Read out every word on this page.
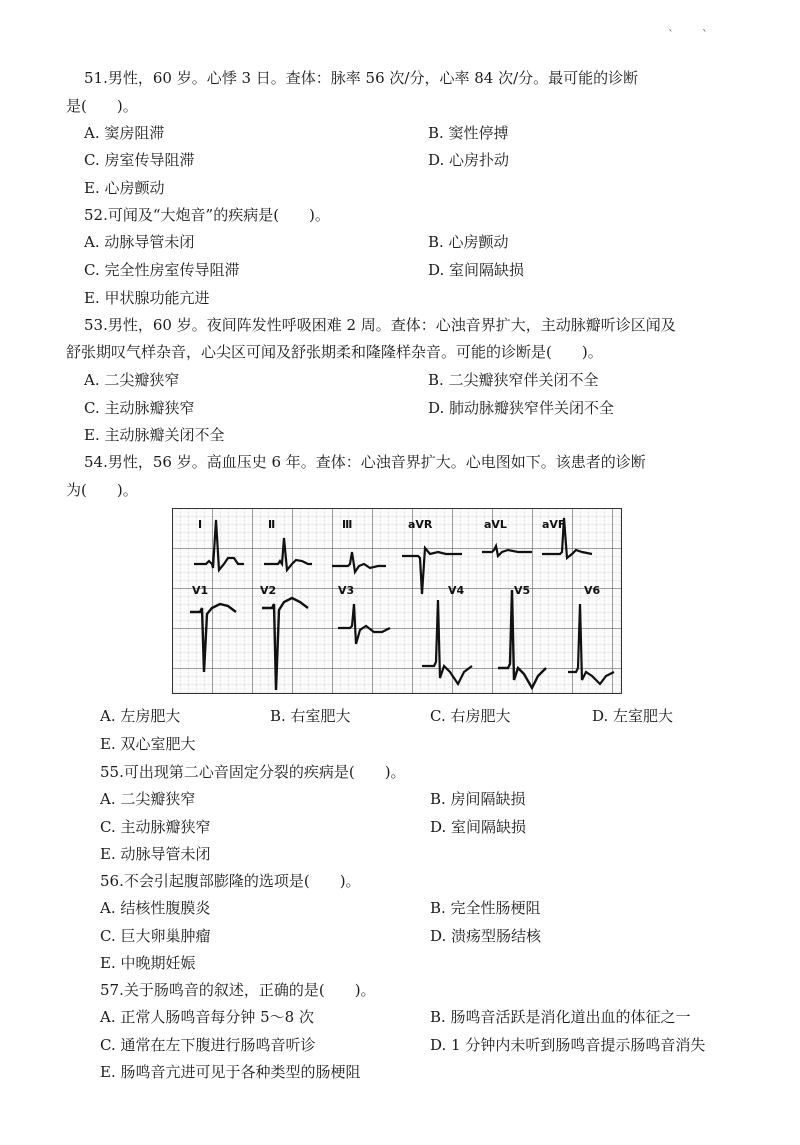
` `
51.男性，60 岁。心悸 3 日。查体：脉率 56 次/分，心率 84 次/分。最可能的诊断
是(　　)。
A. 窦房阻滞	B. 窦性停搏
C. 房室传导阻滞	D. 心房扑动
E. 心房颤动
52.可闻及“大炮音”的疾病是(　　)。
A. 动脉导管未闭	B. 心房颤动
C. 完全性房室传导阻滞	D. 室间隔缺损
E. 甲状腺功能亢进
53.男性，60 岁。夜间阵发性呼吸困难 2 周。查体：心浊音界扩大，主动脉瓣听诊区闻及
舒张期叹气样杂音，心尖区可闻及舒张期柔和隆隆样杂音。可能的诊断是(　　)。
A. 二尖瓣狭窄	B. 二尖瓣狭窄伴关闭不全
C. 主动脉瓣狭窄	D. 肺动脉瓣狭窄伴关闭不全
E. 主动脉瓣关闭不全
54.男性，56 岁。高血压史 6 年。查体：心浊音界扩大。心电图如下。该患者的诊断
为(　　)。
Ⅰ	Ⅱ	Ⅲ	aVR	aVL	aVF
V1	V2	V3	V4	V5	V6
A. 左房肥大	B. 右室肥大	C. 右房肥大	D. 左室肥大
E. 双心室肥大
55.可出现第二心音固定分裂的疾病是(　　)。
A. 二尖瓣狭窄	B. 房间隔缺损
C. 主动脉瓣狭窄	D. 室间隔缺损
E. 动脉导管未闭
56.不会引起腹部膨隆的选项是(　　)。
A. 结核性腹膜炎	B. 完全性肠梗阻
C. 巨大卵巢肿瘤	D. 溃疡型肠结核
E. 中晚期妊娠
57.关于肠鸣音的叙述，正确的是(　　)。
A. 正常人肠鸣音每分钟 5～8 次	B. 肠鸣音活跃是消化道出血的体征之一
C. 通常在左下腹进行肠鸣音听诊	D. 1 分钟内未听到肠鸣音提示肠鸣音消失
E. 肠鸣音亢进可见于各种类型的肠梗阻
